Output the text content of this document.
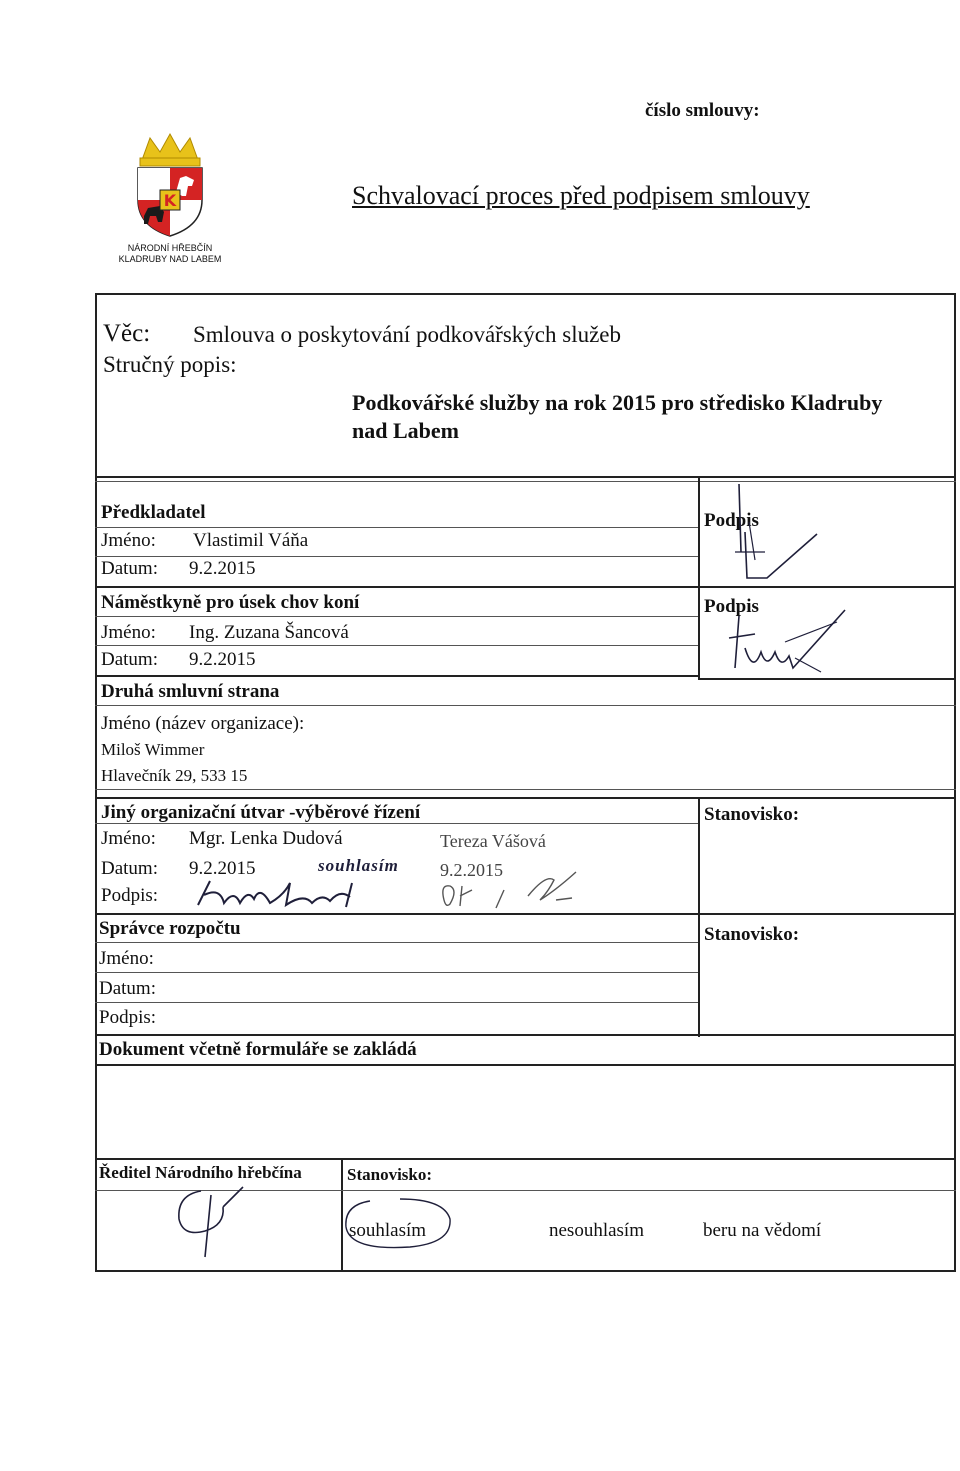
číslo smlouvy:
K
NÁRODNÍ HŘEBČÍN
KLADRUBY NAD LABEM
Schvalovací proces před podpisem smlouvy
Věc: Smlouva o poskytování podkovářských služeb
Stručný popis:
Podkovářské služby na rok 2015 pro středisko Kladruby
nad Labem
Předkladatel
Jméno: Vlastimil Váňa
Datum: 9.2.2015
Podpis
Náměstkyně pro úsek chov koní
Jméno: Ing. Zuzana Šancová
Datum: 9.2.2015
Podpis
Druhá smluvní strana
Jméno (název organizace):
Miloš Wimmer
Hlavečník 29, 533 15
Jiný organizační útvar -výběrové řízení	Stanovisko:
Jméno: Mgr. Lenka Dudová	Tereza Vášová
Datum: 9.2.2015	souhlasím 9.2.2015
Podpis:
Správce rozpočtu	Stanovisko:
Jméno:
Datum:
Podpis:
Dokument včetně formuláře se zakládá
Ředitel Národního hřebčína	Stanovisko:
souhlasím	nesouhlasím	beru na vědomí
